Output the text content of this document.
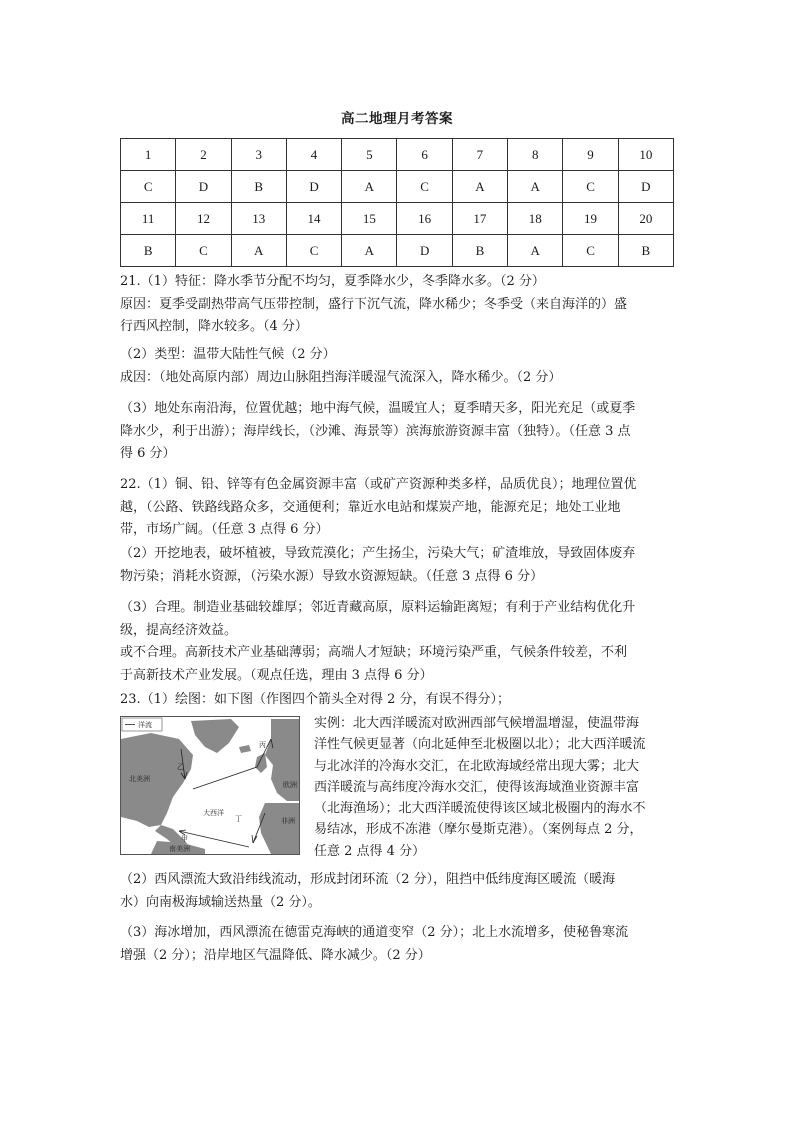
高二地理月考答案
1	2	3	4	5	6	7	8	9	10
C	D	B	D	A	C	A	A	C	D
11	12	13	14	15	16	17	18	19	20
B	C	A	C	A	D	B	A	C	B

21.（1）特征：降水季节分配不均匀，夏季降水少，冬季降水多。（2 分）

原因：夏季受副热带高气压带控制，盛行下沉气流，降水稀少；冬季受（来自海洋的）盛

行西风控制，降水较多。（4 分）

（2）类型：温带大陆性气候（2 分）

成因：（地处高原内部）周边山脉阻挡海洋暖湿气流深入，降水稀少。（2 分）

（3）地处东南沿海，位置优越；地中海气候，温暖宜人；夏季晴天多，阳光充足（或夏季

降水少，利于出游）；海岸线长，（沙滩、海景等）滨海旅游资源丰富（独特）。（任意 3 点

得 6 分）

22.（1）铜、铅、锌等有色金属资源丰富（或矿产资源种类多样，品质优良）；地理位置优

越，（公路、铁路线路众多，交通便利；靠近水电站和煤炭产地，能源充足；地处工业地

带，市场广阔。（任意 3 点得 6 分）

（2）开挖地表，破坏植被，导致荒漠化；产生扬尘，污染大气；矿渣堆放，导致固体废弃

物污染；消耗水资源，（污染水源）导致水资源短缺。（任意 3 点得 6 分）

（3）合理。制造业基础较雄厚；邻近青藏高原，原料运输距离短；有利于产业结构优化升

级，提高经济效益。

或不合理。高新技术产业基础薄弱；高端人才短缺；环境污染严重，气候条件较差，不利

于高新技术产业发展。（观点任选，理由 3 点得 6 分）

23.（1）绘图：如下图（作图四个箭头全对得 2 分，有误不得分）；

洋流
北美洲
欧洲
非洲
南美洲
大西洋
甲
乙
丙
丁

实例：北大西洋暖流对欧洲西部气候增温增湿，使温带海

洋性气候更显著（向北延伸至北极圈以北）；北大西洋暖流

与北冰洋的冷海水交汇，在北欧海域经常出现大雾；北大

西洋暖流与高纬度冷海水交汇，使得该海域渔业资源丰富

（北海渔场）；北大西洋暖流使得该区域北极圈内的海水不

易结冰，形成不冻港（摩尔曼斯克港）。（案例每点 2 分，

任意 2 点得 4 分）

（2）西风漂流大致沿纬线流动，形成封闭环流（2 分），阻挡中低纬度海区暖流（暖海

水）向南极海域输送热量（2 分）。

（3）海冰增加，西风漂流在德雷克海峡的通道变窄（2 分）；北上水流增多，使秘鲁寒流

增强（2 分）；沿岸地区气温降低、降水减少。（2 分）
